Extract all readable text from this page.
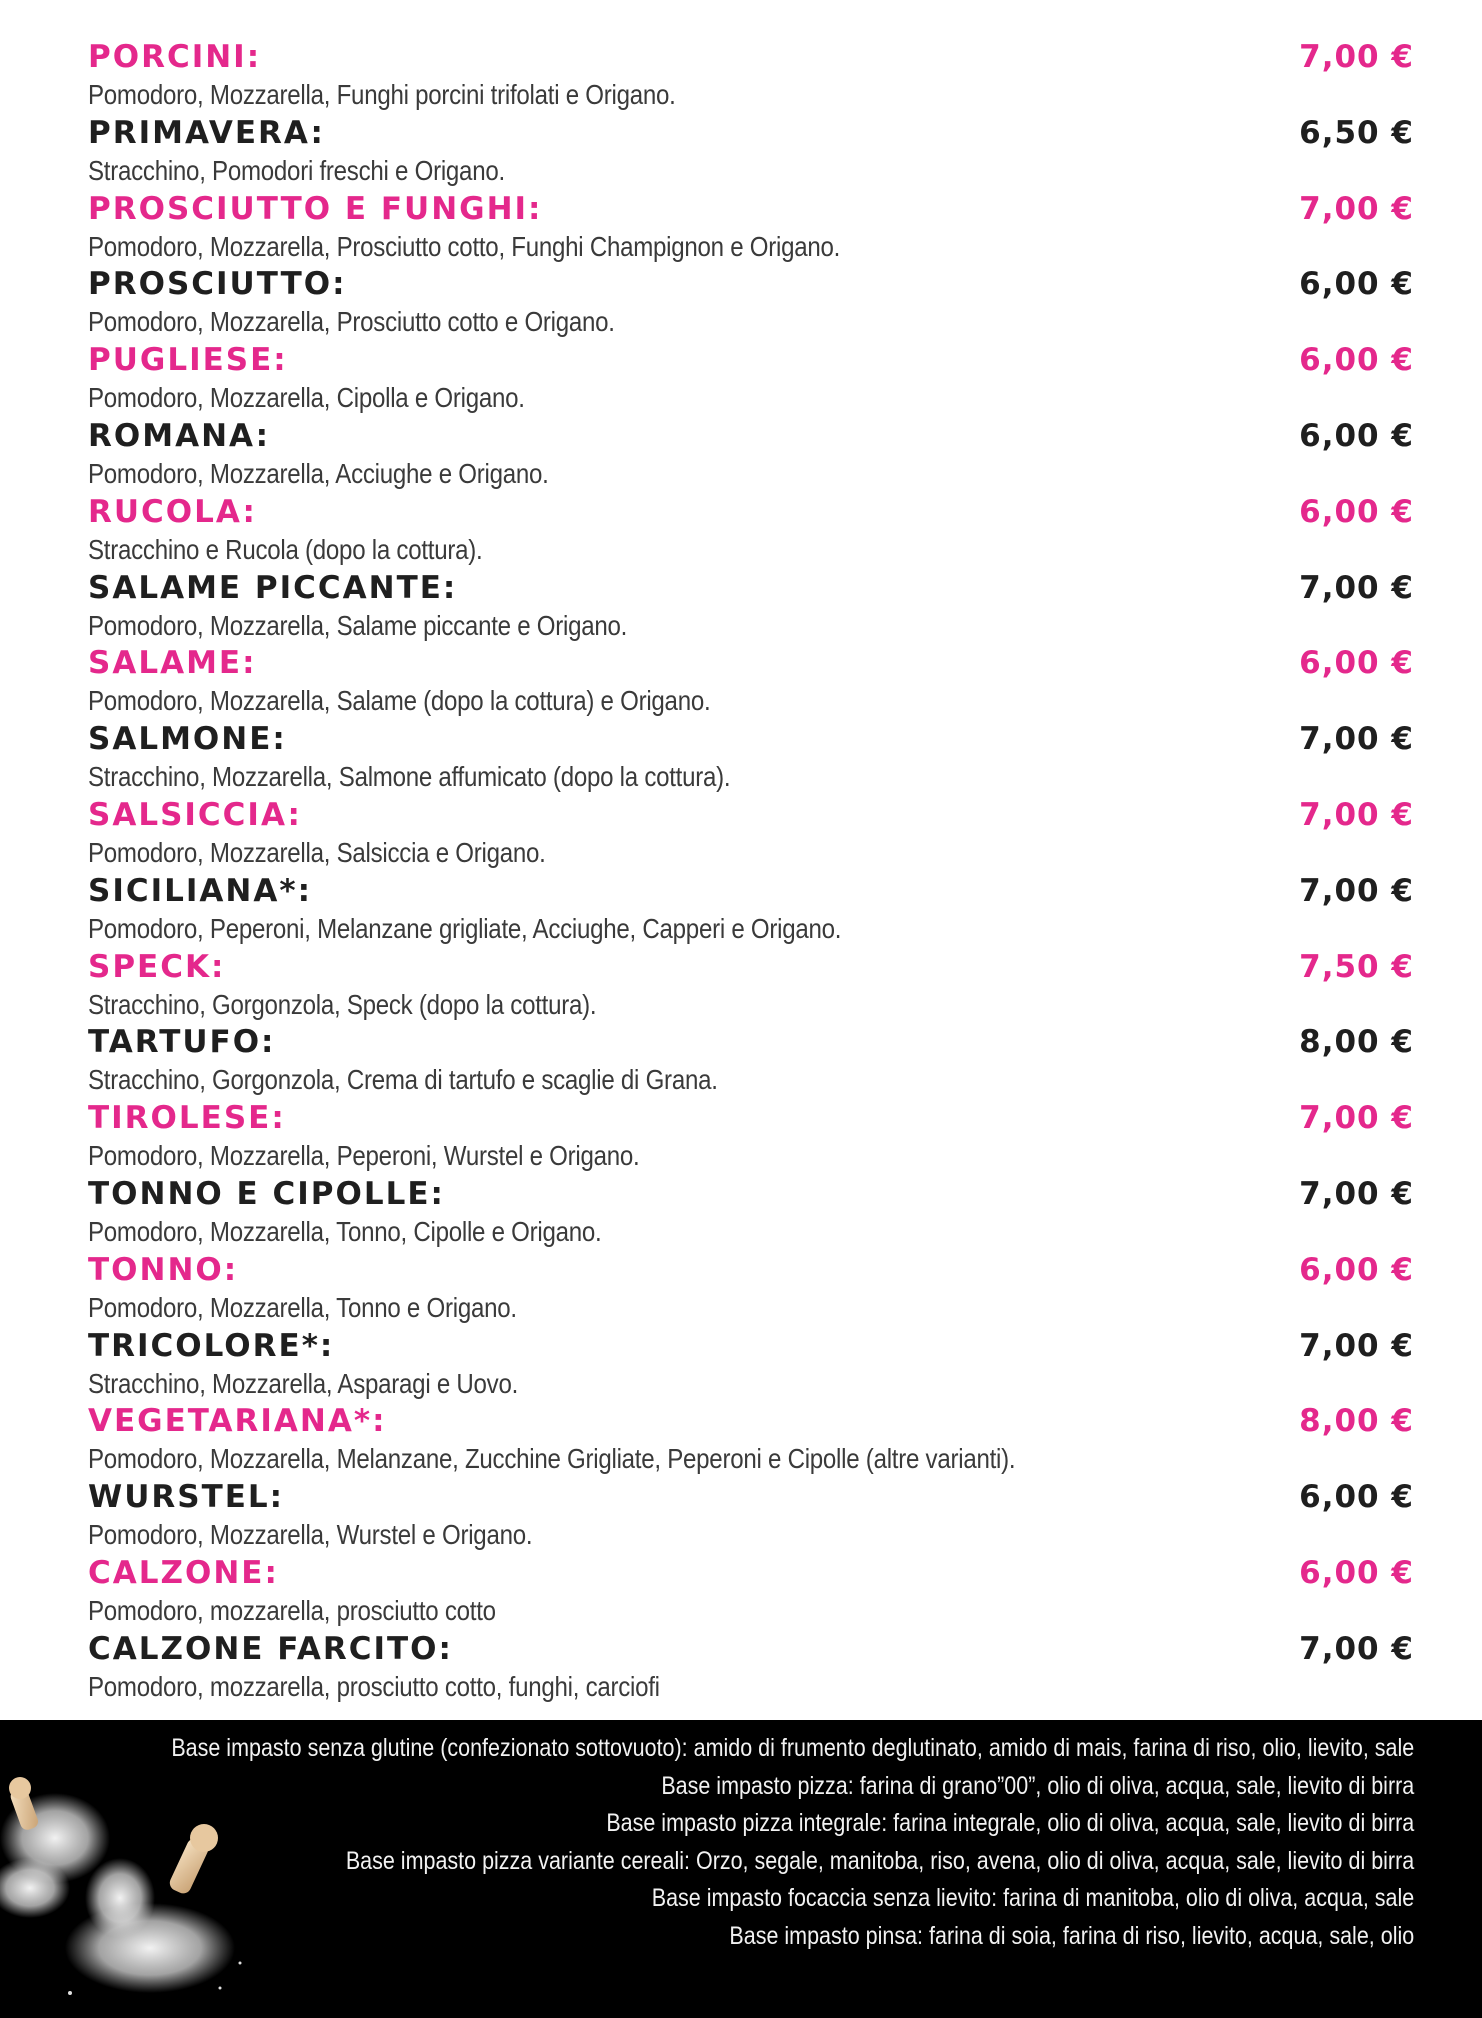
PORCINI:	7,00 €
Pomodoro, Mozzarella, Funghi porcini trifolati e Origano.
PRIMAVERA:	6,50 €
Stracchino, Pomodori freschi e Origano.
PROSCIUTTO E FUNGHI:	7,00 €
Pomodoro, Mozzarella, Prosciutto cotto, Funghi Champignon e Origano.
PROSCIUTTO:	6,00 €
Pomodoro, Mozzarella, Prosciutto cotto e Origano.
PUGLIESE:	6,00 €
Pomodoro, Mozzarella, Cipolla e Origano.
ROMANA:	6,00 €
Pomodoro, Mozzarella, Acciughe e Origano.
RUCOLA:	6,00 €
Stracchino e Rucola (dopo la cottura).
SALAME PICCANTE:	7,00 €
Pomodoro, Mozzarella, Salame piccante e Origano.
SALAME:	6,00 €
Pomodoro, Mozzarella, Salame (dopo la cottura) e Origano.
SALMONE:	7,00 €
Stracchino, Mozzarella, Salmone affumicato (dopo la cottura).
SALSICCIA:	7,00 €
Pomodoro, Mozzarella, Salsiccia e Origano.
SICILIANA*:	7,00 €
Pomodoro, Peperoni, Melanzane grigliate, Acciughe, Capperi e Origano.
SPECK:	7,50 €
Stracchino, Gorgonzola, Speck (dopo la cottura).
TARTUFO:	8,00 €
Stracchino, Gorgonzola, Crema di tartufo e scaglie di Grana.
TIROLESE:	7,00 €
Pomodoro, Mozzarella, Peperoni, Wurstel e Origano.
TONNO E CIPOLLE:	7,00 €
Pomodoro, Mozzarella, Tonno, Cipolle e Origano.
TONNO:	6,00 €
Pomodoro, Mozzarella, Tonno e Origano.
TRICOLORE*:	7,00 €
Stracchino, Mozzarella, Asparagi e Uovo.
VEGETARIANA*:	8,00 €
Pomodoro, Mozzarella, Melanzane, Zucchine Grigliate, Peperoni e Cipolle (altre varianti).
WURSTEL:	6,00 €
Pomodoro, Mozzarella, Wurstel e Origano.
CALZONE:	6,00 €
Pomodoro, mozzarella, prosciutto cotto
CALZONE FARCITO:	7,00 €
Pomodoro, mozzarella, prosciutto cotto, funghi, carciofi
Base impasto senza glutine (confezionato sottovuoto): amido di frumento deglutinato, amido di mais, farina di riso, olio, lievito, sale
Base impasto pizza: farina di grano”00”, olio di oliva, acqua, sale, lievito di birra
Base impasto pizza integrale: farina integrale, olio di oliva, acqua, sale, lievito di birra
Base impasto pizza variante cereali: Orzo, segale, manitoba, riso, avena, olio di oliva, acqua, sale, lievito di birra
Base impasto focaccia senza lievito: farina di manitoba, olio di oliva, acqua, sale
Base impasto pinsa: farina di soia, farina di riso, lievito, acqua, sale, olio
